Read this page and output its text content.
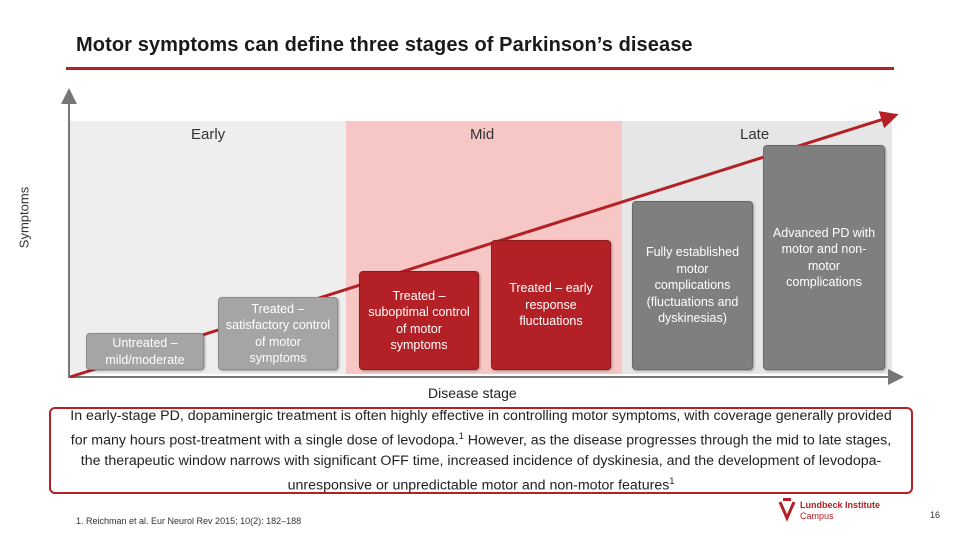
Motor symptoms can define three stages of Parkinson’s disease
Early	Mid	Late
Symptoms
Disease stage
Untreated – mild/moderate
Treated – satisfactory control of motor symptoms
Treated – suboptimal control of motor symptoms
Treated – early response fluctuations
Fully established motor complications (fluctuations and dyskinesias)
Advanced PD with motor and non-motor complications
In early-stage PD, dopaminergic treatment is often highly effective in controlling motor symptoms, with coverage generally provided for many hours post-treatment with a single dose of levodopa.$^1$ However, as the disease progresses through the mid to late stages, the therapeutic window narrows with significant OFF time, increased incidence of dyskinesia, and the development of levodopa-unresponsive or unpredictable motor and non-motor features$^1$
1. Reichman et al. Eur Neurol Rev 2015; 10(2): 182–188
Lundbeck Institute
Campus	16
